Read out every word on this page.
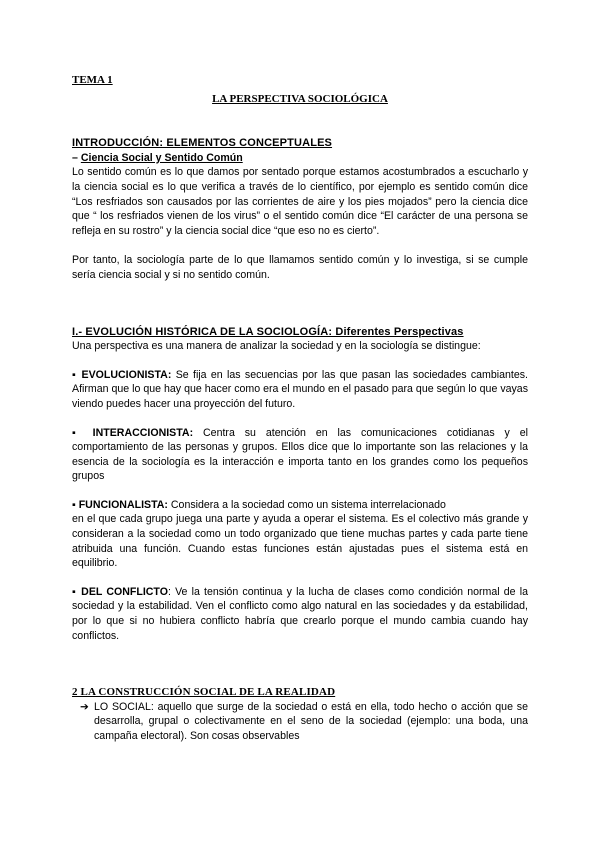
TEMA 1

LA PERSPECTIVA SOCIOLÓGICA

INTRODUCCIÓN: ELEMENTOS CONCEPTUALES

– Ciencia Social y Sentido Común

Lo sentido común es lo que damos por sentado porque estamos acostumbrados a escucharlo y la ciencia social es lo que verifica a través de lo científico, por ejemplo es sentido común dice “Los resfriados son causados por las corrientes de aire y los pies mojados” pero la ciencia dice que “ los resfriados vienen de los virus” o el sentido común dice “El carácter de una persona se refleja en su rostro” y la ciencia social dice “que eso no es cierto”.

Por tanto, la sociología parte de lo que llamamos sentido común y lo investiga, si se cumple sería ciencia social y si no sentido común.

I.- EVOLUCIÓN HISTÓRICA DE LA SOCIOLOGÍA: Diferentes Perspectivas

Una perspectiva es una manera de analizar la sociedad y en la sociología se distingue:

▪ EVOLUCIONISTA: Se fija en las secuencias por las que pasan las sociedades cambiantes. Afirman que lo que hay que hacer como era el mundo en el pasado para que según lo que vayas viendo puedes hacer una proyección del futuro.

▪ INTERACCIONISTA: Centra su atención en las comunicaciones cotidianas y el comportamiento de las personas y grupos. Ellos dice que lo importante son las relaciones y la esencia de la sociología es la interacción e importa tanto en los grandes como los pequeños grupos

▪ FUNCIONALISTA: Considera a la sociedad como un sistema interrelacionado

en el que cada grupo juega una parte y ayuda a operar el sistema. Es el colectivo más grande y consideran a la sociedad como un todo organizado que tiene muchas partes y cada parte tiene atribuida una función. Cuando estas funciones están ajustadas pues el sistema está en equilibrio.

▪ DEL CONFLICTO: Ve la tensión continua y la lucha de clases como condición normal de la sociedad y la estabilidad. Ven el conflicto como algo natural en las sociedades y da estabilidad, por lo que si no hubiera conflicto habría que crearlo porque el mundo cambia cuando hay conflictos.

2 LA CONSTRUCCIÓN SOCIAL DE LA REALIDAD

➔ LO SOCIAL: aquello que surge de la sociedad o está en ella, todo hecho o acción que se desarrolla, grupal o colectivamente en el seno de la sociedad (ejemplo: una boda, una campaña electoral). Son cosas observables
